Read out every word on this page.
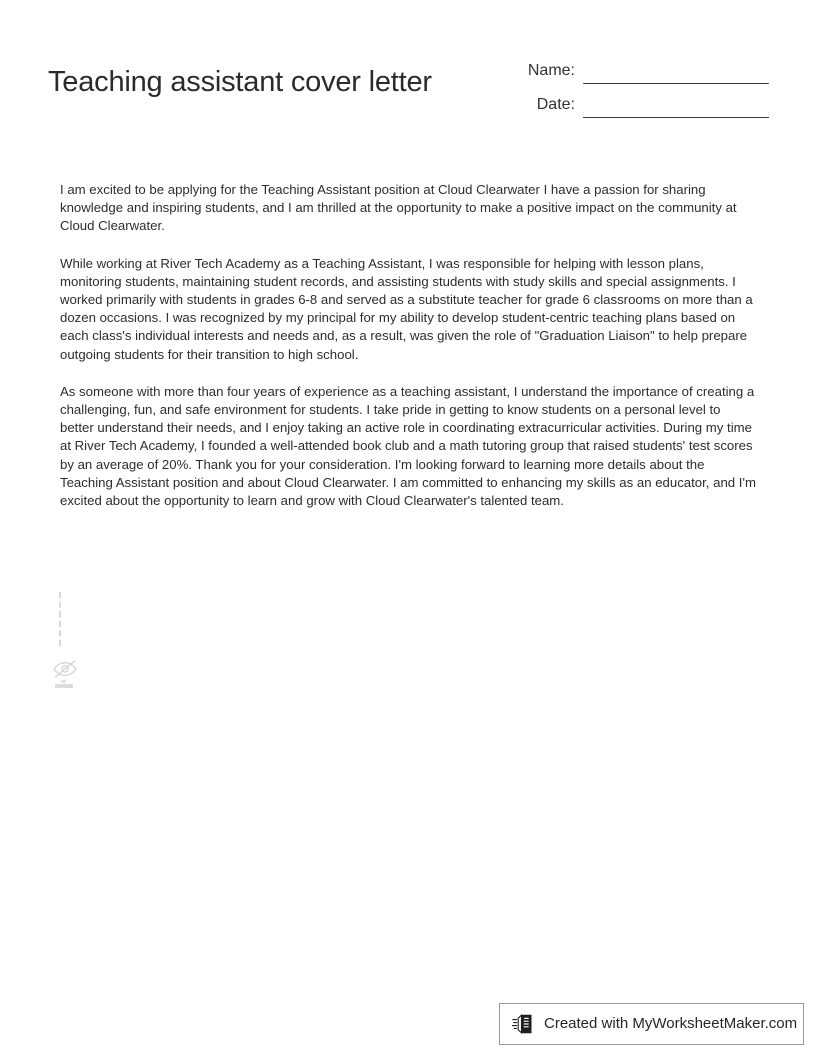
Teaching assistant cover letter	Name:
Date:

I am excited to be applying for the Teaching Assistant position at Cloud Clearwater I have a passion for sharing knowledge and inspiring students, and I am thrilled at the opportunity to make a positive impact on the community at Cloud Clearwater.

While working at River Tech Academy as a Teaching Assistant, I was responsible for helping with lesson plans, monitoring students, maintaining student records, and assisting students with study skills and special assignments. I worked primarily with students in grades 6-8 and served as a substitute teacher for grade 6 classrooms on more than a dozen occasions. I was recognized by my principal for my ability to develop student-centric teaching plans based on each class's individual interests and needs and, as a result, was given the role of "Graduation Liaison" to help prepare outgoing students for their transition to high school.

As someone with more than four years of experience as a teaching assistant, I understand the importance of creating a challenging, fun, and safe environment for students. I take pride in getting to know students on a personal level to better understand their needs, and I enjoy taking an active role in coordinating extracurricular activities. During my time at River Tech Academy, I founded a well-attended book club and a math tutoring group that raised students' test scores by an average of 20%. Thank you for your consideration. I'm looking forward to learning more details about the Teaching Assistant position and about Cloud Clearwater. I am committed to enhancing my skills as an educator, and I'm excited about the opportunity to learn and grow with Cloud Clearwater's talented team.

Created with MyWorksheetMaker.com
